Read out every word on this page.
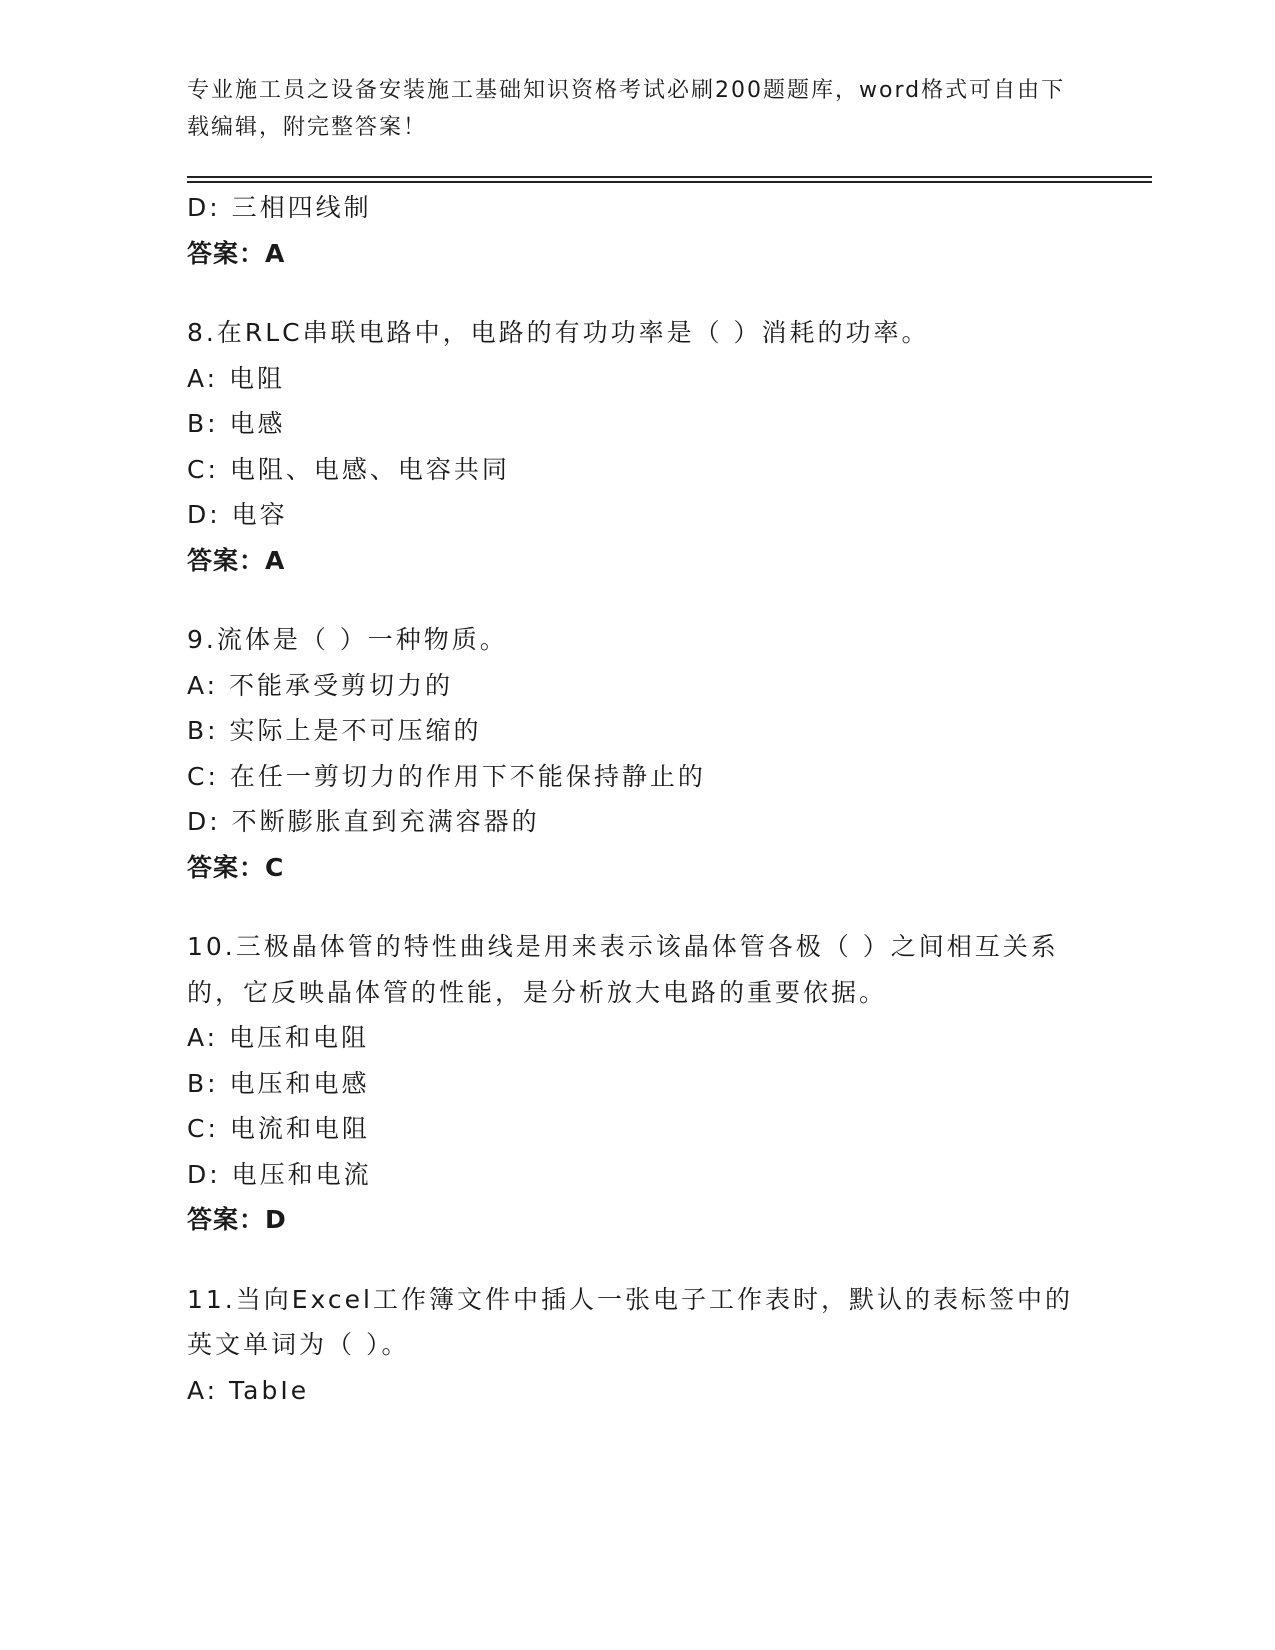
专业施工员之设备安装施工基础知识资格考试必刷200题题库，word格式可自由下载编辑，附完整答案！
D: 三相四线制
答案：A
8.在RLC串联电路中，电路的有功功率是（ ）消耗的功率。
A: 电阻
B: 电感
C: 电阻、电感、电容共同
D: 电容
答案：A
9.流体是（ ）一种物质。
A: 不能承受剪切力的
B: 实际上是不可压缩的
C: 在任一剪切力的作用下不能保持静止的
D: 不断膨胀直到充满容器的
答案：C
10.三极晶体管的特性曲线是用来表示该晶体管各极（ ）之间相互关系的，它反映晶体管的性能，是分析放大电路的重要依据。
A: 电压和电阻
B: 电压和电感
C: 电流和电阻
D: 电压和电流
答案：D
11.当向Excel工作簿文件中插人一张电子工作表时，默认的表标签中的英文单词为（ ）。
A: TabIe
